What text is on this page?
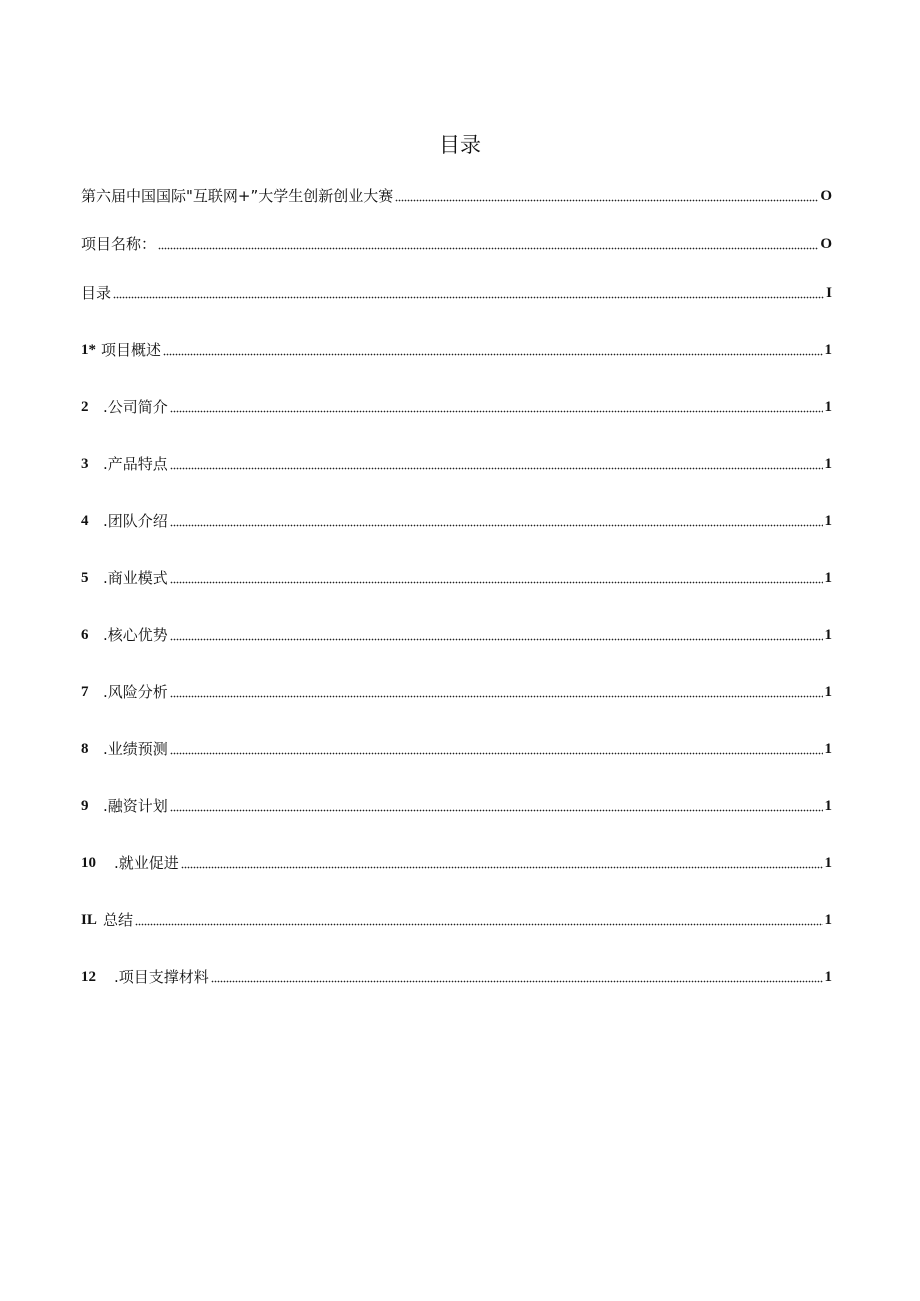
目录
第六届中国国际"互联网+”大学生创新创业大赛	O
项目名称：	O
目录	I
1* 项目概述	1
2 .公司简介	1
3 .产品特点	1
4 .团队介绍	1
5 .商业模式	1
6 .核心优势	1
7 .风险分析	1
8 .业绩预测	1
9 .融资计划	1
10	.就业促进	1
IL 总结	1
12	.项目支撑材料	1
